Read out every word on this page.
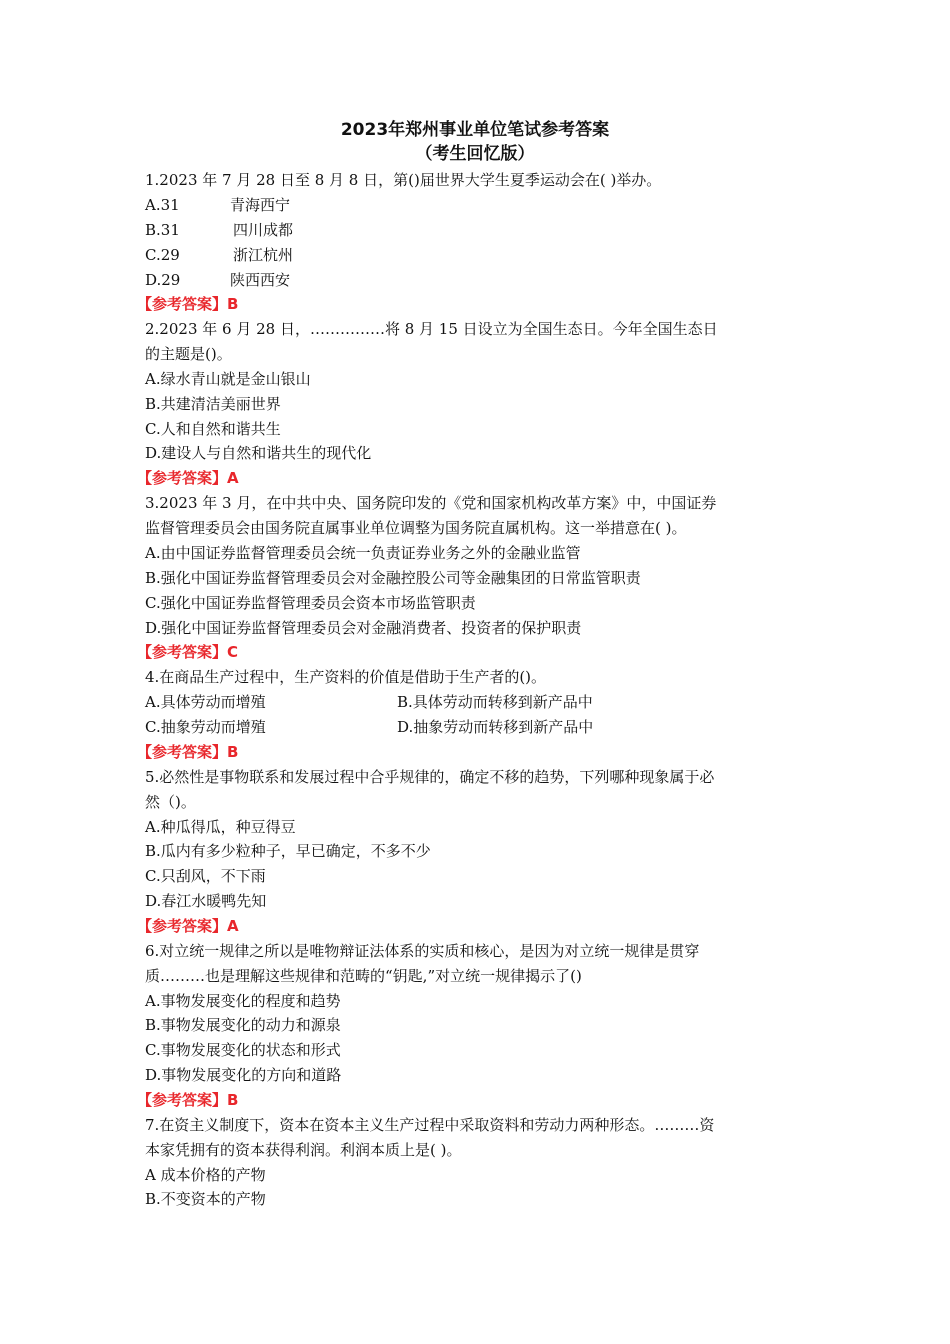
2023年郑州事业单位笔试参考答案
（考生回忆版）
1.2023 年 7 月 28 日至 8 月 8 日，第()届世界大学生夏季运动会在( )举办。
A.31	青海西宁
B.31	四川成都
C.29	浙江杭州
D.29	陕西西安
【参考答案】B
2.2023 年 6 月 28 日，……………将 8 月 15 日设立为全国生态日。今年全国生态日
的主题是()。
A.绿水青山就是金山银山
B.共建清洁美丽世界
C.人和自然和谐共生
D.建设人与自然和谐共生的现代化
【参考答案】A
3.2023 年 3 月，在中共中央、国务院印发的《党和国家机构改革方案》中，中国证券
监督管理委员会由国务院直属事业单位调整为国务院直属机构。这一举措意在( )。
A.由中国证券监督管理委员会统一负责证券业务之外的金融业监管
B.强化中国证券监督管理委员会对金融控股公司等金融集团的日常监管职责
C.强化中国证券监督管理委员会资本市场监管职责
D.强化中国证券监督管理委员会对金融消费者、投资者的保护职责
【参考答案】C
4.在商品生产过程中，生产资料的价值是借助于生产者的()。
A.具体劳动而增殖	B.具体劳动而转移到新产品中
C.抽象劳动而增殖	D.抽象劳动而转移到新产品中
【参考答案】B
5.必然性是事物联系和发展过程中合乎规律的，确定不移的趋势，下列哪种现象属于必
然（)。
A.种瓜得瓜，种豆得豆
B.瓜内有多少粒种子，早已确定，不多不少
C.只刮风，不下雨
D.春江水暖鸭先知
【参考答案】A
6.对立统一规律之所以是唯物辩证法体系的实质和核心，是因为对立统一规律是贯穿
质………也是理解这些规律和范畴的“钥匙,”对立统一规律揭示了()
A.事物发展变化的程度和趋势
B.事物发展变化的动力和源泉
C.事物发展变化的状态和形式
D.事物发展变化的方向和道路
【参考答案】B
7.在资主义制度下，资本在资本主义生产过程中采取资料和劳动力两种形态。………资
本家凭拥有的资本获得利润。利润本质上是( )。
A 成本价格的产物
B.不变资本的产物
